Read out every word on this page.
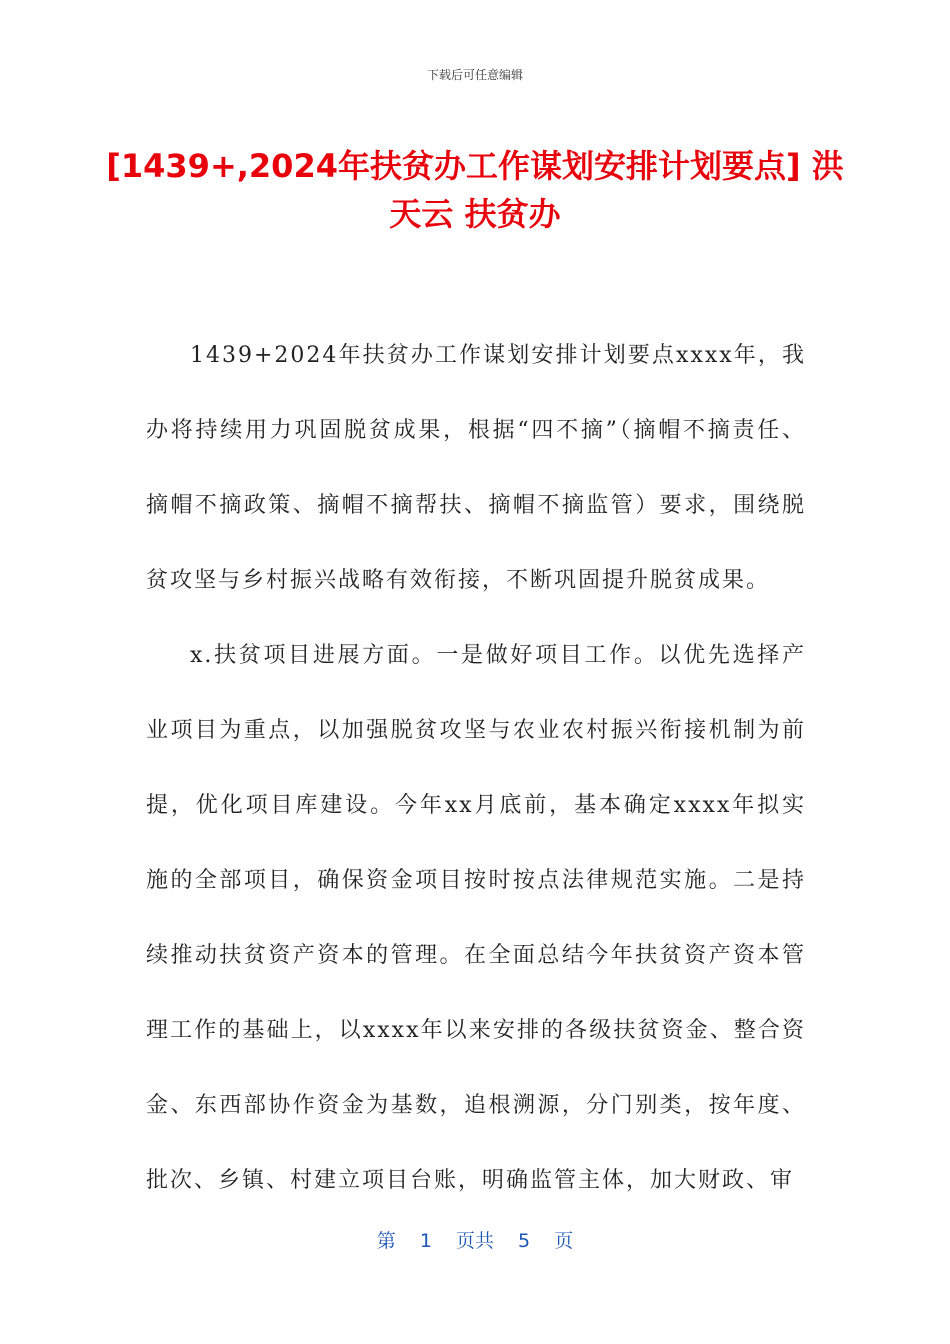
下载后可任意编辑
[1439+,2024年扶贫办工作谋划安排计划要点] 洪天云 扶贫办

1439+2024年扶贫办工作谋划安排计划要点xxxx年，我办将持续用力巩固脱贫成果，根据“四不摘”（摘帽不摘责任、摘帽不摘政策、摘帽不摘帮扶、摘帽不摘监管）要求，围绕脱贫攻坚与乡村振兴战略有效衔接，不断巩固提升脱贫成果。

x.扶贫项目进展方面。一是做好项目工作。以优先选择产业项目为重点，以加强脱贫攻坚与农业农村振兴衔接机制为前提，优化项目库建设。今年xx月底前，基本确定xxxx年拟实施的全部项目，确保资金项目按时按点法律规范实施。二是持续推动扶贫资产资本的管理。在全面总结今年扶贫资产资本管理工作的基础上，以xxxx年以来安排的各级扶贫资金、整合资金、东西部协作资金为基数，追根溯源，分门别类，按年度、批次、乡镇、村建立项目台账，明确监管主体，加大财政、审

第 1 页共 5 页
